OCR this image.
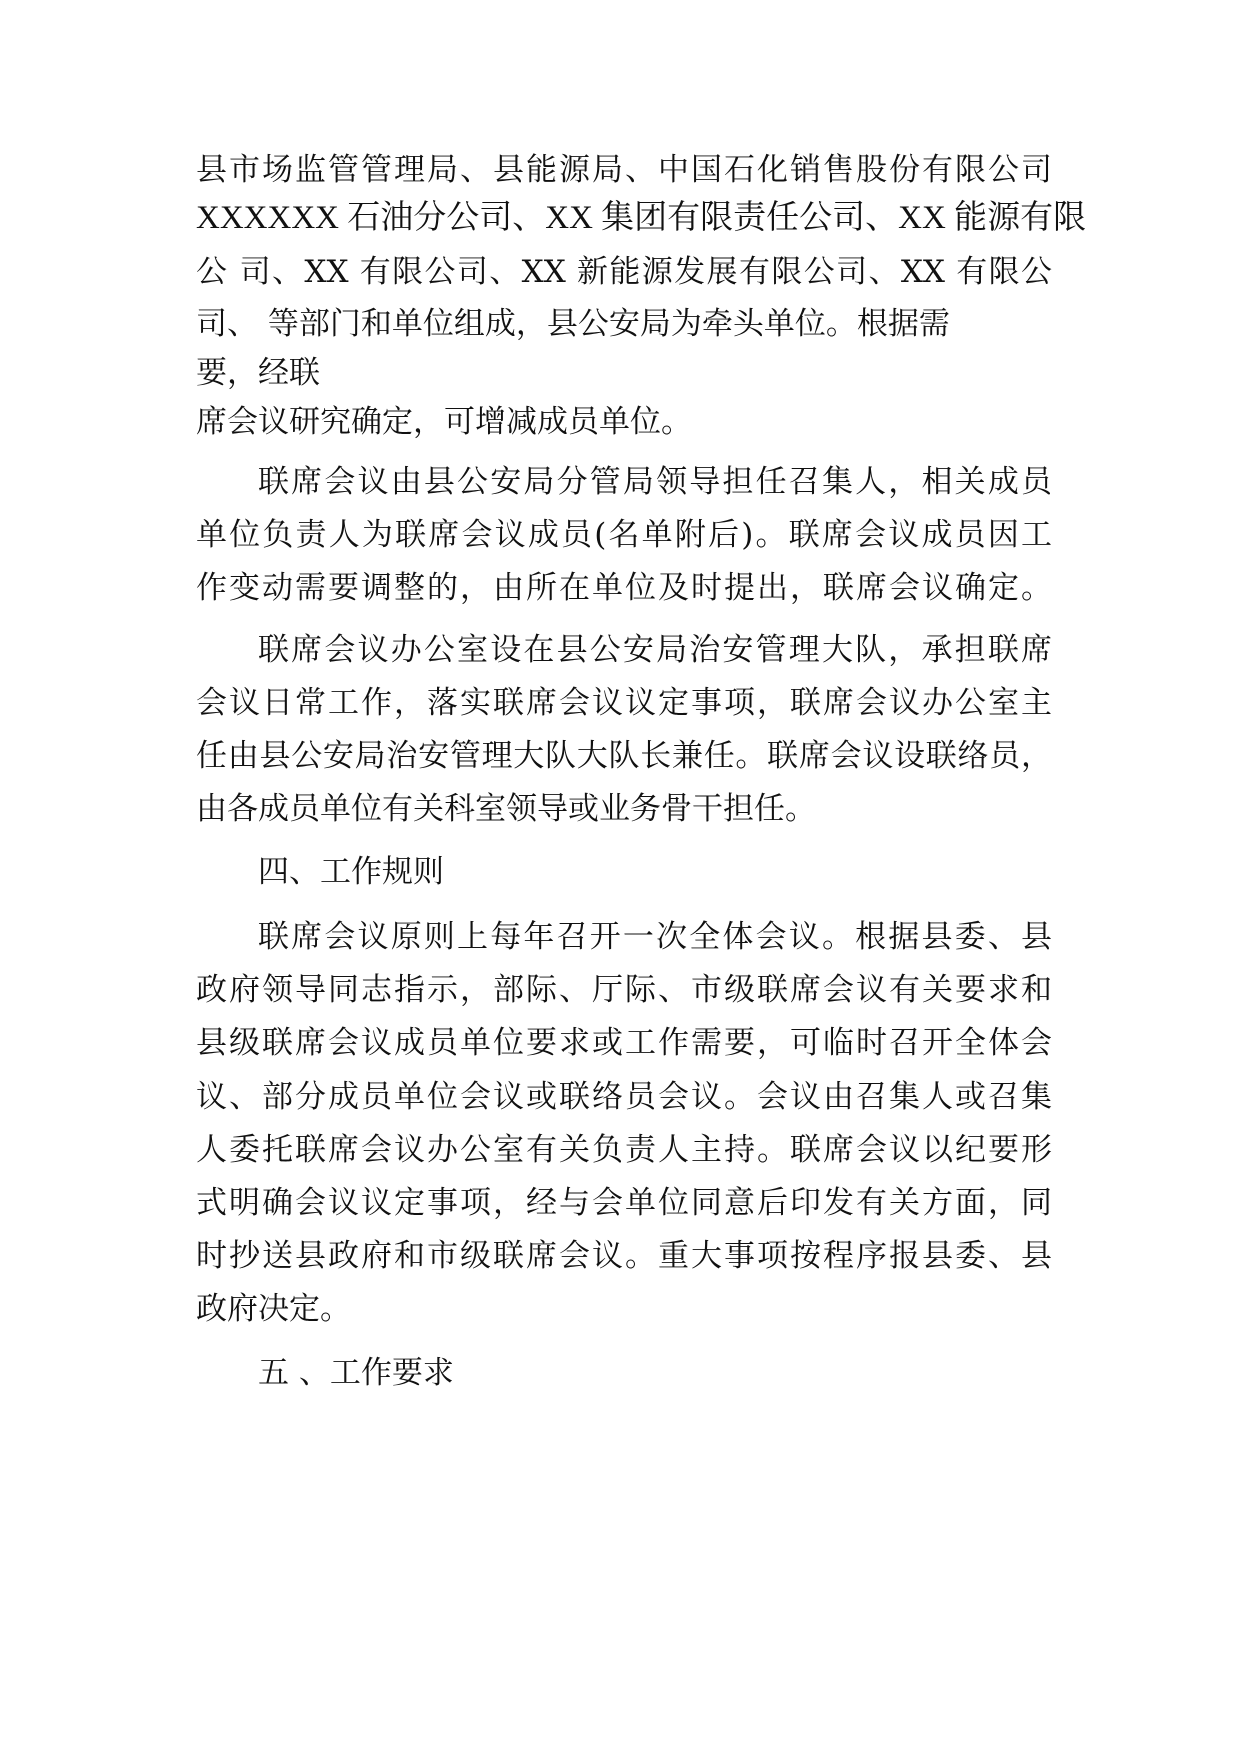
县市场监管管理局、县能源局、中国石化销售股份有限公司
XXXXXX 石油分公司、XX 集团有限责任公司、XX 能源有限
公 司、XX 有限公司、XX 新能源发展有限公司、XX 有限公
司、 等部门和单位组成，县公安局为牵头单位。根据需
要，经联
席会议研究确定，可增减成员单位。
联席会议由县公安局分管局领导担任召集人，相关成员
单位负责人为联席会议成员(名单附后)。联席会议成员因工
作变动需要调整的，由所在单位及时提出，联席会议确定。
联席会议办公室设在县公安局治安管理大队，承担联席
会议日常工作，落实联席会议议定事项，联席会议办公室主
任由县公安局治安管理大队大队长兼任。联席会议设联络员，
由各成员单位有关科室领导或业务骨干担任。
四、工作规则
联席会议原则上每年召开一次全体会议。根据县委、县
政府领导同志指示，部际、厅际、市级联席会议有关要求和
县级联席会议成员单位要求或工作需要，可临时召开全体会
议、部分成员单位会议或联络员会议。会议由召集人或召集
人委托联席会议办公室有关负责人主持。联席会议以纪要形
式明确会议议定事项，经与会单位同意后印发有关方面，同
时抄送县政府和市级联席会议。重大事项按程序报县委、县
政府决定。
五 、工作要求
